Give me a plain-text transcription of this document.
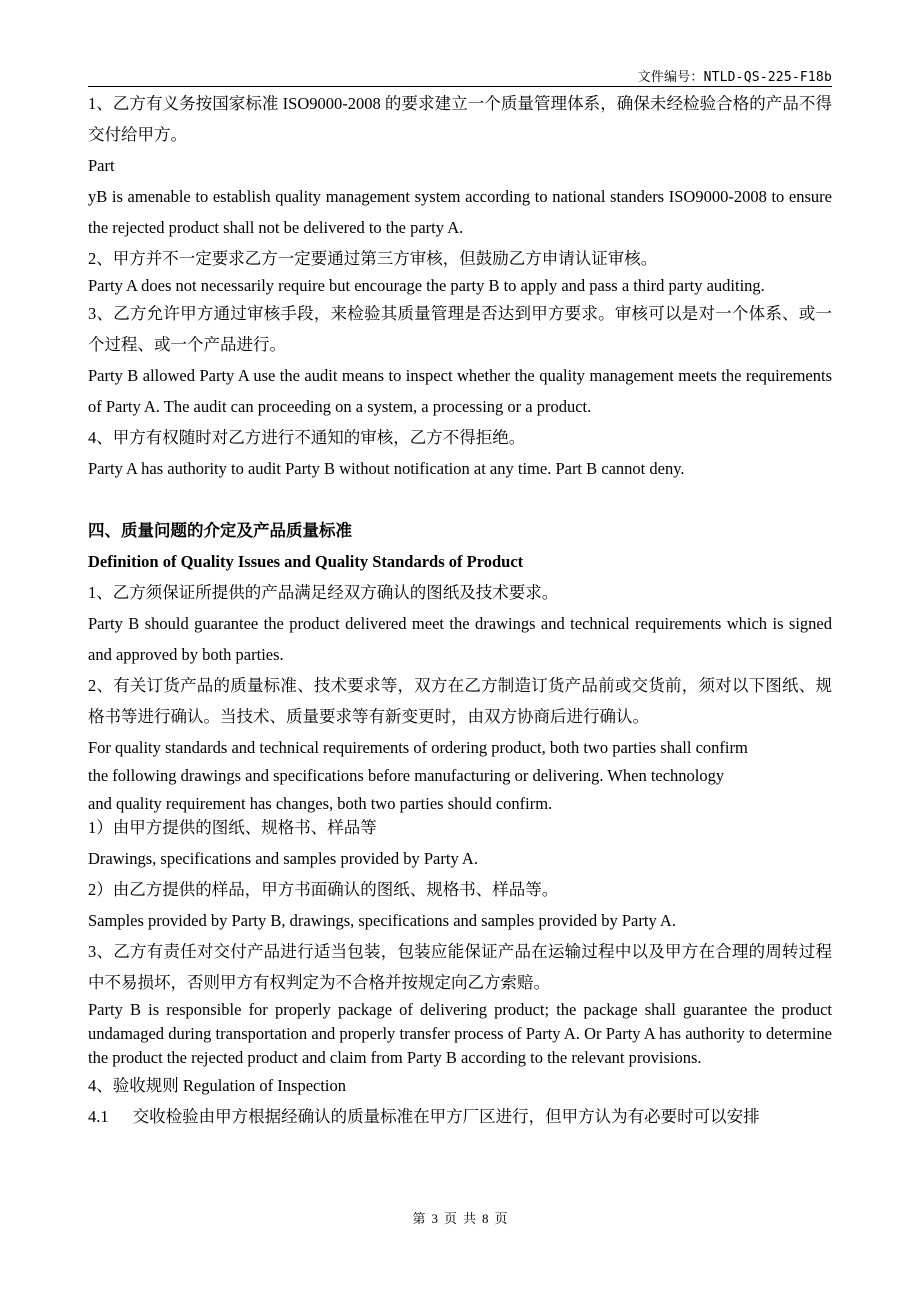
文件编号：NTLD-QS-225-F18b

1、乙方有义务按国家标准 ISO9000-2008 的要求建立一个质量管理体系，确保未经检验合格的产品不得交付给甲方。

Part

yB is amenable to establish quality management system according to national standers ISO9000-2008 to ensure the rejected product shall not be delivered to the party A.

2、甲方并不一定要求乙方一定要通过第三方审核，但鼓励乙方申请认证审核。

Party A does not necessarily require but encourage the party B to apply and pass a third party auditing.

3、乙方允许甲方通过审核手段，来检验其质量管理是否达到甲方要求。审核可以是对一个体系、或一个过程、或一个产品进行。

Party B allowed Party A use the audit means to inspect whether the quality management meets the requirements of Party A. The audit can proceeding on a system, a processing or a product.

4、甲方有权随时对乙方进行不通知的审核，乙方不得拒绝。

Party A has authority to audit Party B without notification at any time. Part B cannot deny.

四、质量问题的介定及产品质量标准

Definition of Quality Issues and Quality Standards of Product

1、乙方须保证所提供的产品满足经双方确认的图纸及技术要求。

Party B should guarantee the product delivered meet the drawings and technical requirements which is signed and approved by both parties.

2、有关订货产品的质量标准、技术要求等，双方在乙方制造订货产品前或交货前，须对以下图纸、规格书等进行确认。当技术、质量要求等有新变更时，由双方协商后进行确认。

For quality standards and technical requirements of ordering product, both two parties shall confirm

the following drawings and specifications before manufacturing or delivering. When technology

and quality requirement has changes, both two parties should confirm.

1）由甲方提供的图纸、规格书、样品等

Drawings, specifications and samples provided by Party A.

2）由乙方提供的样品，甲方书面确认的图纸、规格书、样品等。

Samples provided by Party B, drawings, specifications and samples provided by Party A.

3、乙方有责任对交付产品进行适当包装，包装应能保证产品在运输过程中以及甲方在合理的周转过程中不易损坏，否则甲方有权判定为不合格并按规定向乙方索赔。

Party B is responsible for properly package of delivering product; the package shall guarantee the product undamaged during transportation and properly transfer process of Party A. Or Party A has authority to determine the product the rejected product and claim from Party B according to the relevant provisions.

4、验收规则 Regulation of Inspection

4.1 交收检验由甲方根据经确认的质量标准在甲方厂区进行，但甲方认为有必要时可以安排

第 3 页 共 8 页
